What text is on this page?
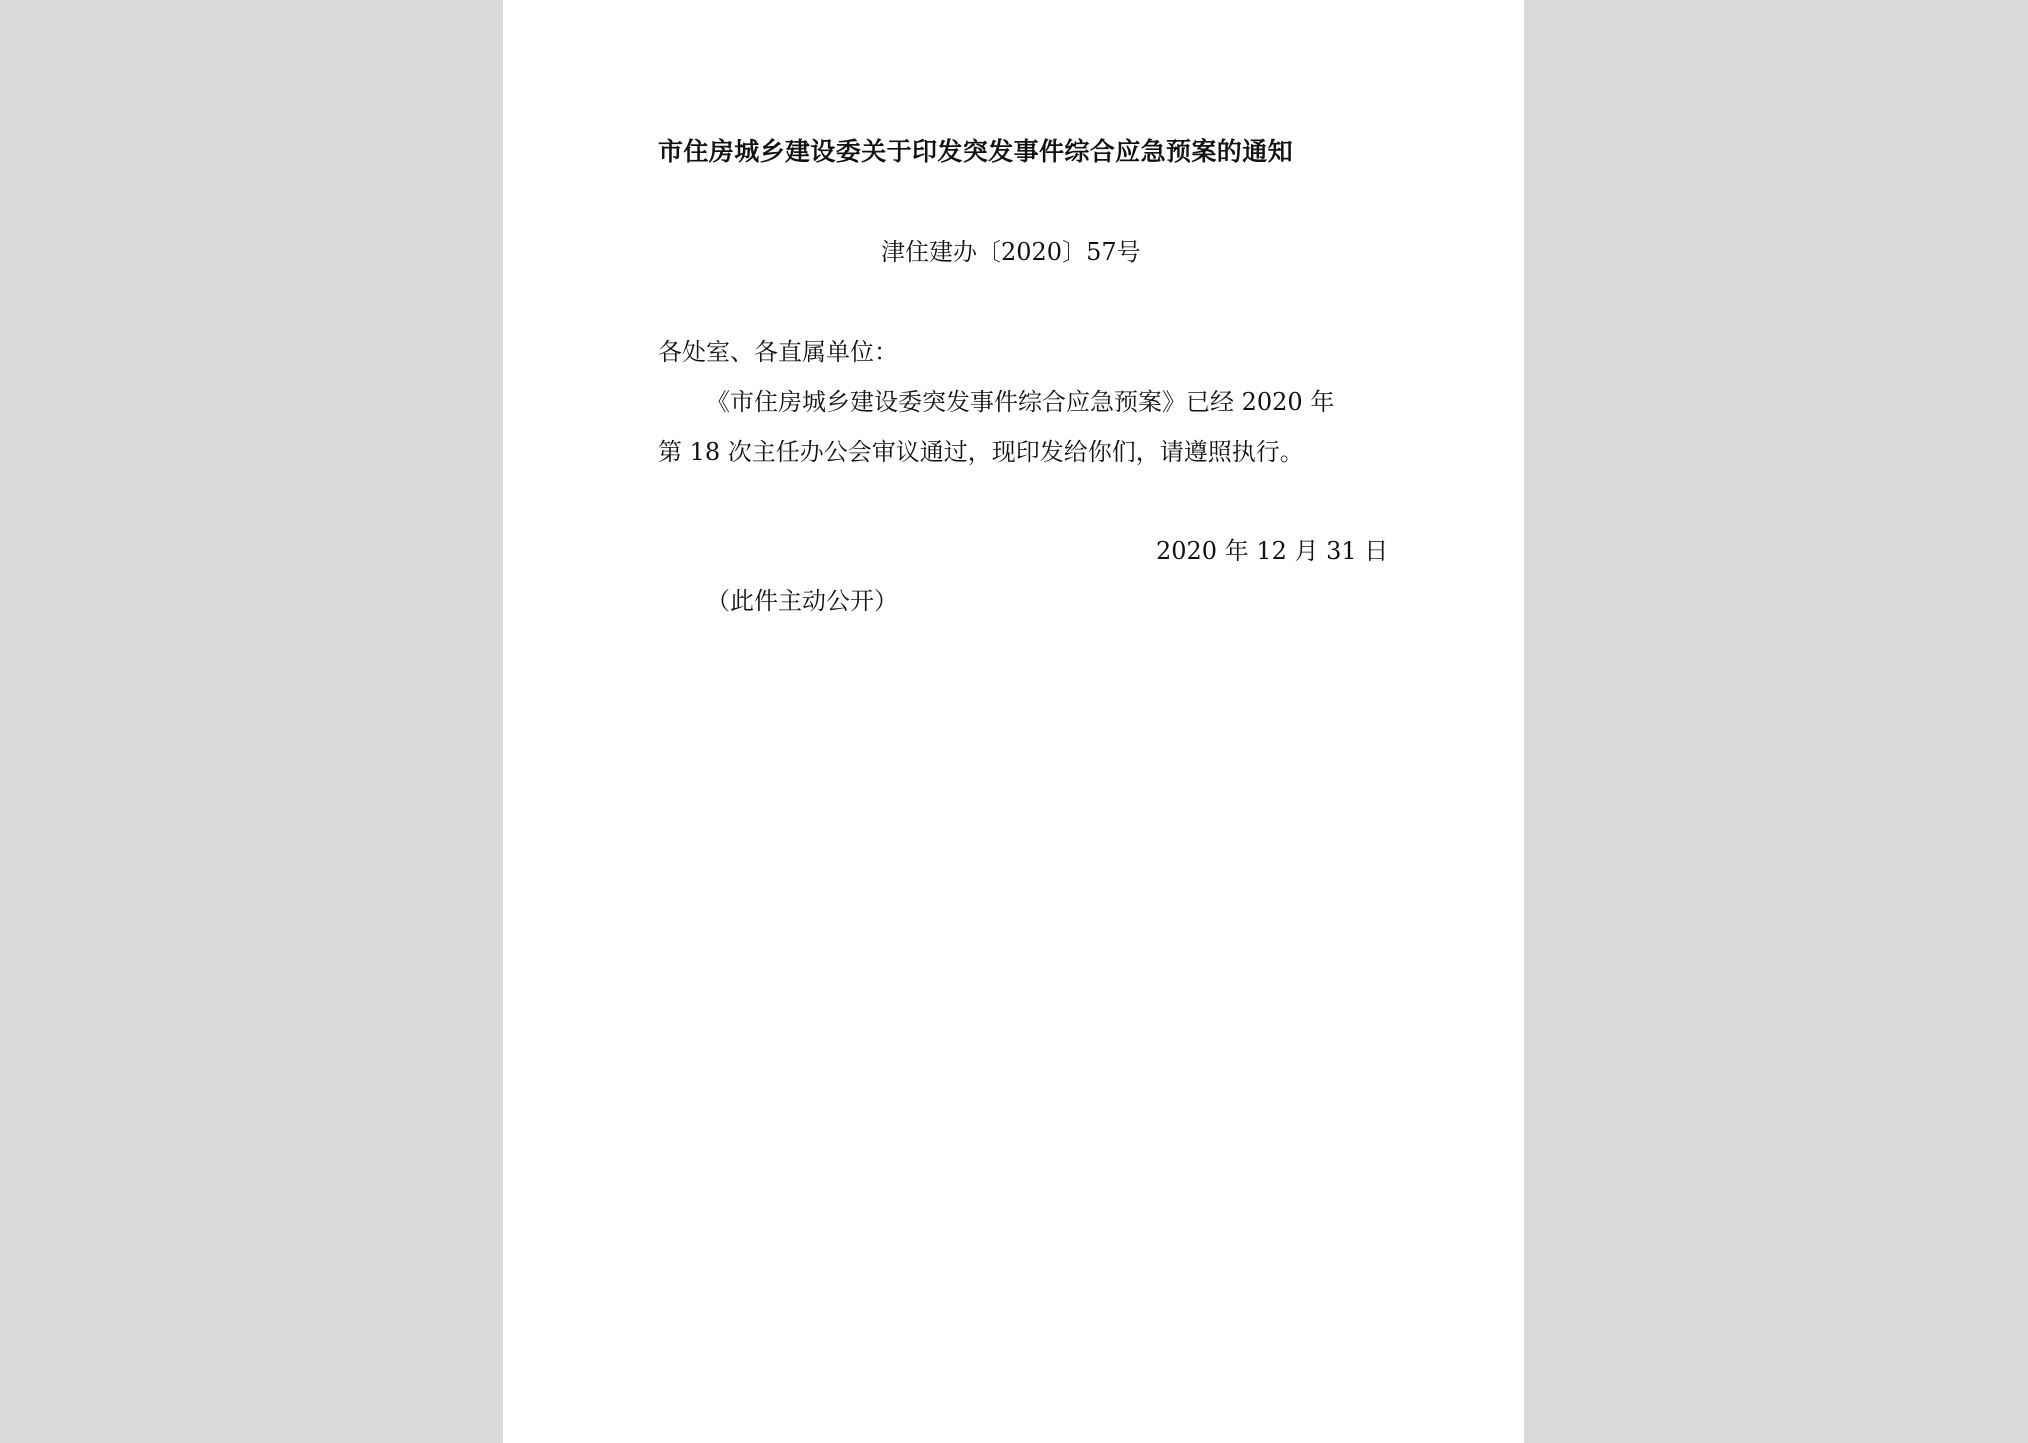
市住房城乡建设委关于印发突发事件综合应急预案的通知
津住建办〔2020〕57号
各处室、各直属单位：
《市住房城乡建设委突发事件综合应急预案》已经 2020 年
第 18 次主任办公会审议通过，现印发给你们，请遵照执行。
2020 年 12 月 31 日
（此件主动公开）
